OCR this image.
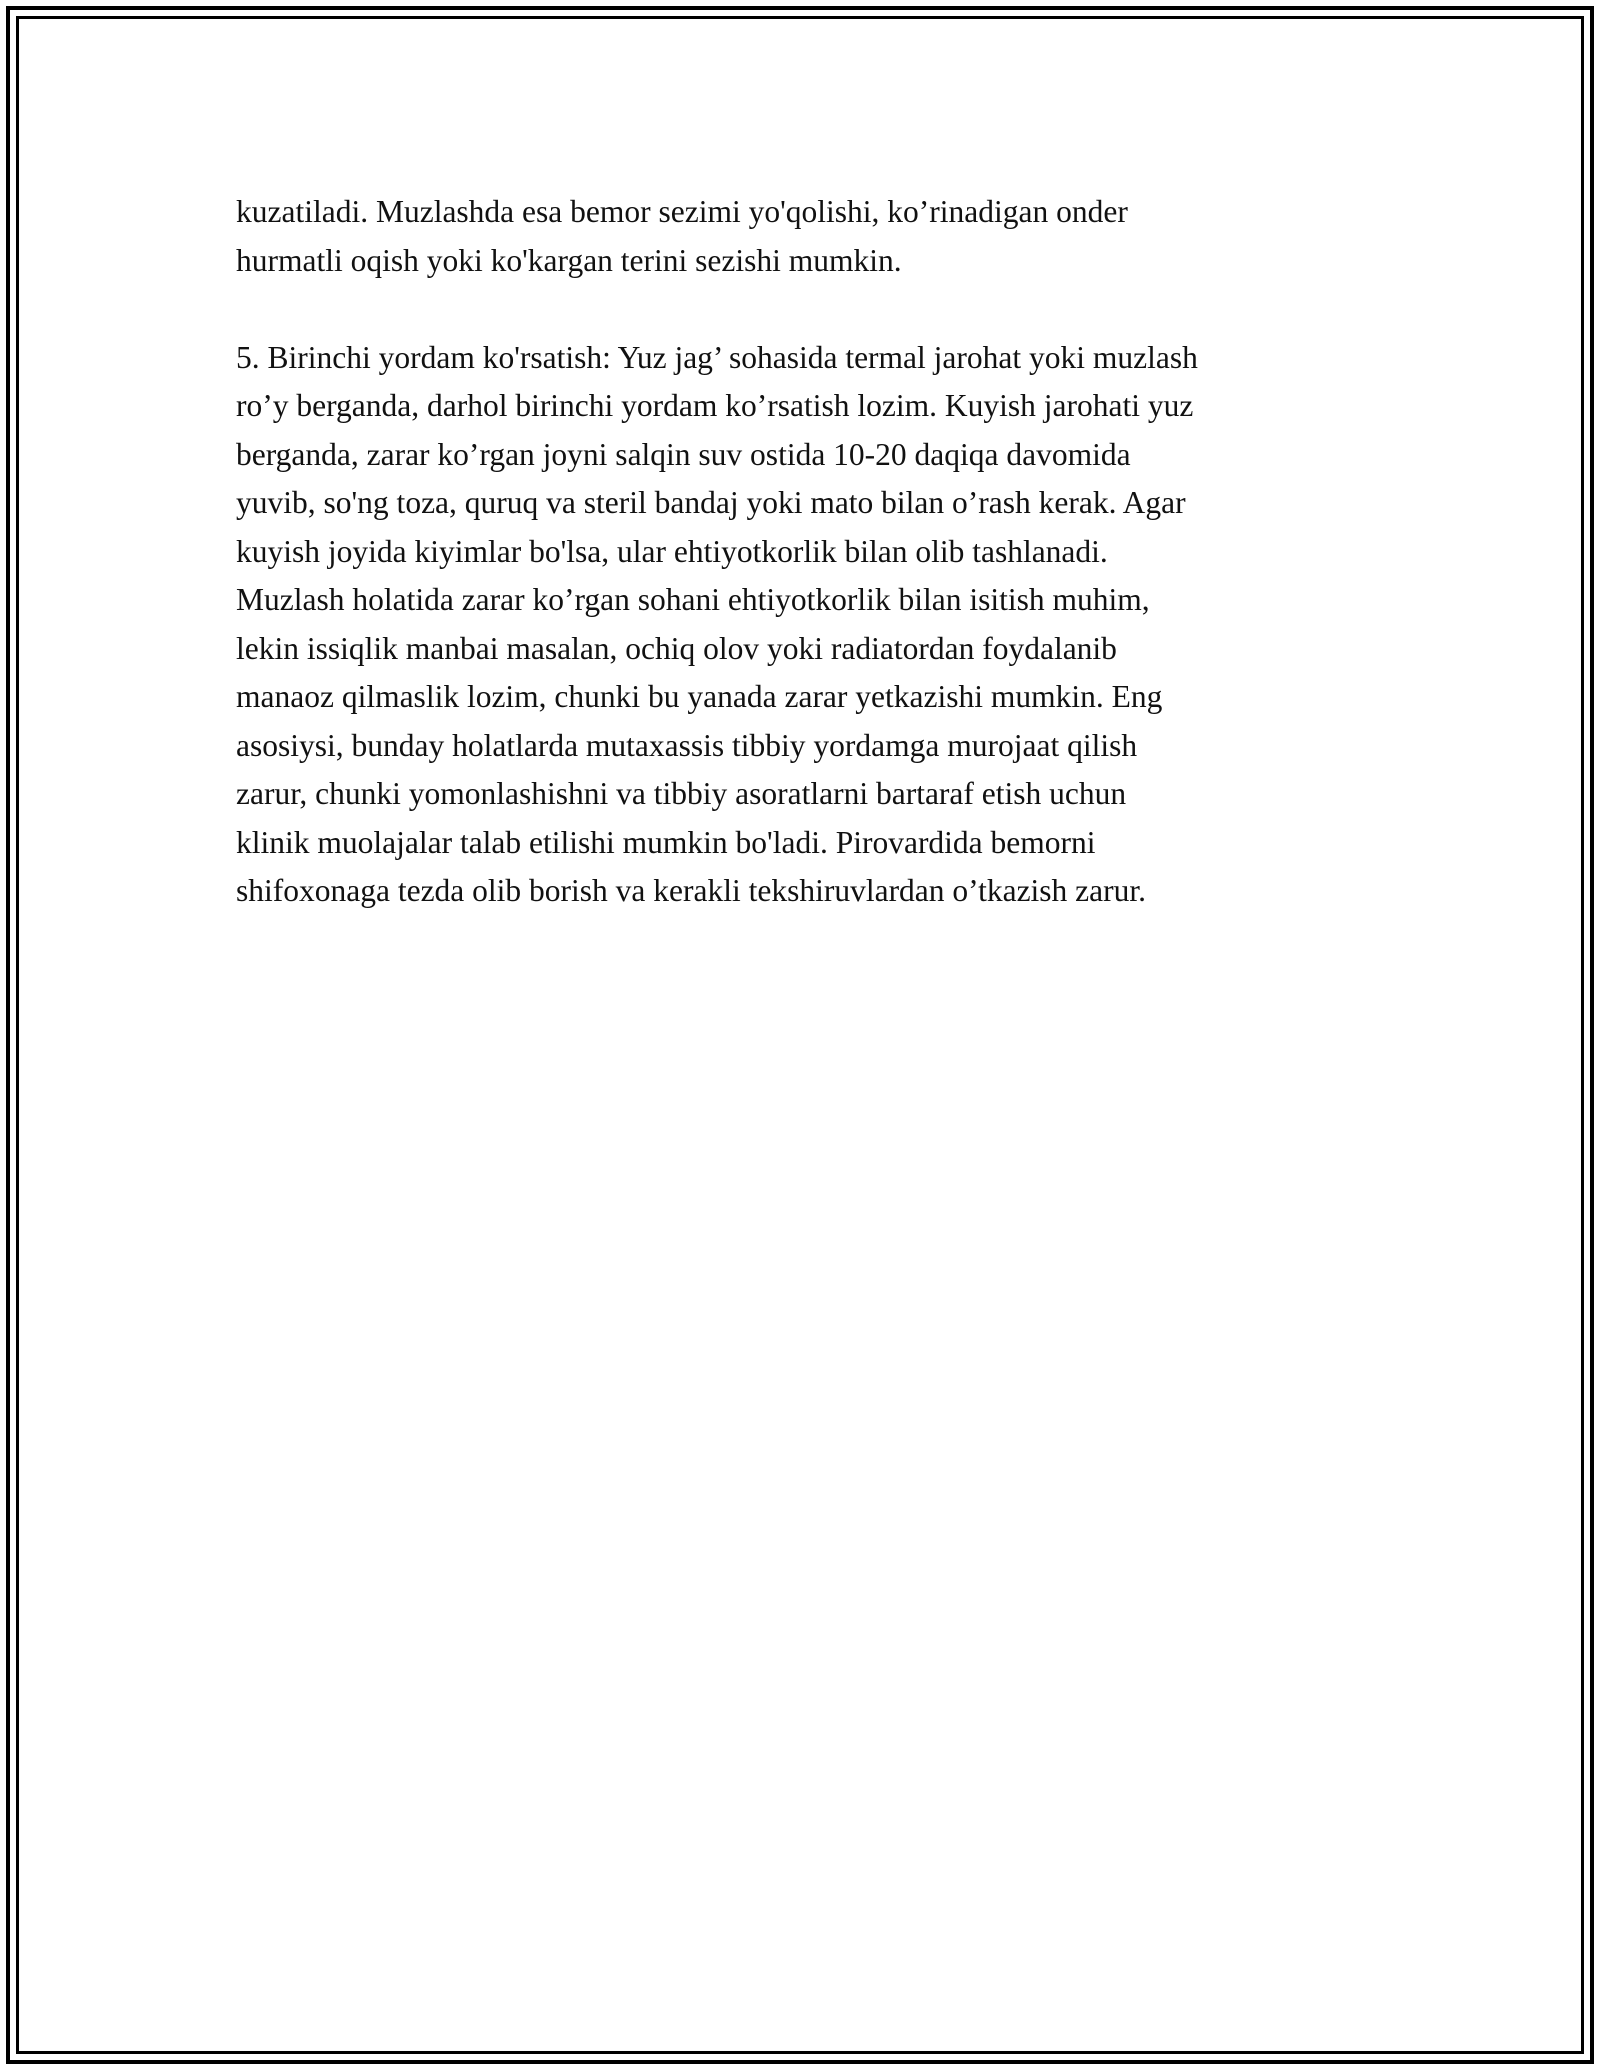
kuzatiladi. Muzlashda esa bemor sezimi yo'qolishi, ko’rinadigan onder
hurmatli oqish yoki ko'kargan terini sezishi mumkin.
5. Birinchi yordam ko'rsatish: Yuz jag’ sohasida termal jarohat yoki muzlash
ro’y berganda, darhol birinchi yordam ko’rsatish lozim. Kuyish jarohati yuz
berganda, zarar ko’rgan joyni salqin suv ostida 10-20 daqiqa davomida
yuvib, so'ng toza, quruq va steril bandaj yoki mato bilan o’rash kerak. Agar
kuyish joyida kiyimlar bo'lsa, ular ehtiyotkorlik bilan olib tashlanadi.
Muzlash holatida zarar ko’rgan sohani ehtiyotkorlik bilan isitish muhim,
lekin issiqlik manbai masalan, ochiq olov yoki radiatordan foydalanib
manaoz qilmaslik lozim, chunki bu yanada zarar yetkazishi mumkin. Eng
asosiysi, bunday holatlarda mutaxassis tibbiy yordamga murojaat qilish
zarur, chunki yomonlashishni va tibbiy asoratlarni bartaraf etish uchun
klinik muolajalar talab etilishi mumkin bo'ladi. Pirovardida bemorni
shifoxonaga tezda olib borish va kerakli tekshiruvlardan o’tkazish zarur.
